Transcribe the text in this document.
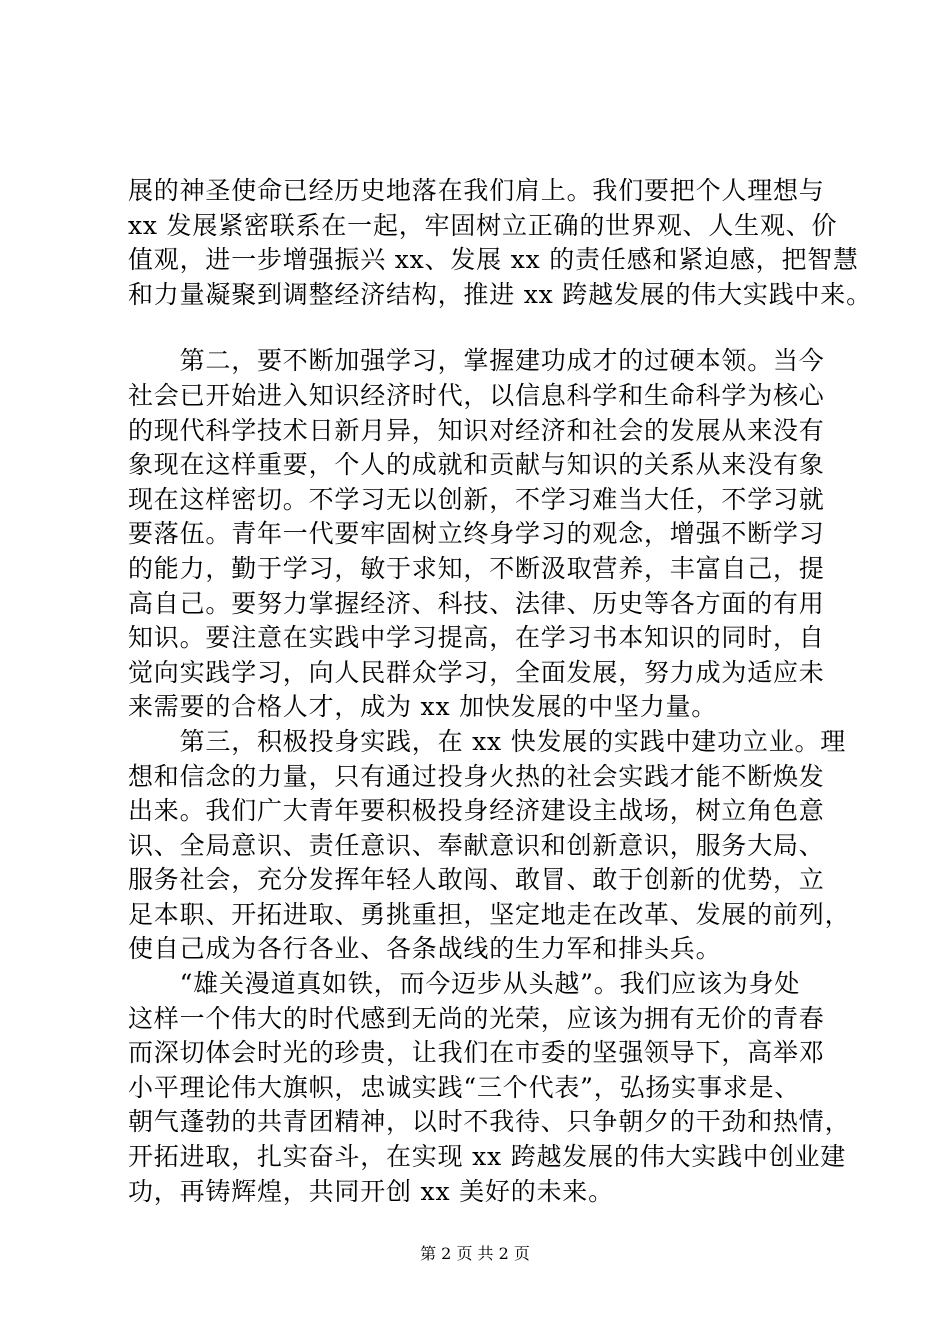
展的神圣使命已经历史地落在我们肩上。我们要把个人理想与
xx 发展紧密联系在一起，牢固树立正确的世界观、人生观、价
值观，进一步增强振兴 xx、发展 xx 的责任感和紧迫感，把智慧
和力量凝聚到调整经济结构，推进 xx 跨越发展的伟大实践中来。
　　第二，要不断加强学习，掌握建功成才的过硬本领。当今
社会已开始进入知识经济时代，以信息科学和生命科学为核心
的现代科学技术日新月异，知识对经济和社会的发展从来没有
象现在这样重要，个人的成就和贡献与知识的关系从来没有象
现在这样密切。不学习无以创新，不学习难当大任，不学习就
要落伍。青年一代要牢固树立终身学习的观念，增强不断学习
的能力，勤于学习，敏于求知，不断汲取营养，丰富自己，提
高自己。要努力掌握经济、科技、法律、历史等各方面的有用
知识。要注意在实践中学习提高，在学习书本知识的同时，自
觉向实践学习，向人民群众学习，全面发展，努力成为适应未
来需要的合格人才，成为 xx 加快发展的中坚力量。
　　第三，积极投身实践，在 xx 快发展的实践中建功立业。理
想和信念的力量，只有通过投身火热的社会实践才能不断焕发
出来。我们广大青年要积极投身经济建设主战场，树立角色意
识、全局意识、责任意识、奉献意识和创新意识，服务大局、
服务社会，充分发挥年轻人敢闯、敢冒、敢于创新的优势，立
足本职、开拓进取、勇挑重担，坚定地走在改革、发展的前列，
使自己成为各行各业、各条战线的生力军和排头兵。
　　“雄关漫道真如铁，而今迈步从头越”。我们应该为身处
这样一个伟大的时代感到无尚的光荣，应该为拥有无价的青春
而深切体会时光的珍贵，让我们在市委的坚强领导下，高举邓
小平理论伟大旗帜，忠诚实践“三个代表”，弘扬实事求是、
朝气蓬勃的共青团精神，以时不我待、只争朝夕的干劲和热情，
开拓进取，扎实奋斗，在实现 xx 跨越发展的伟大实践中创业建
功，再铸辉煌，共同开创 xx 美好的未来。
第 2 页 共 2 页
